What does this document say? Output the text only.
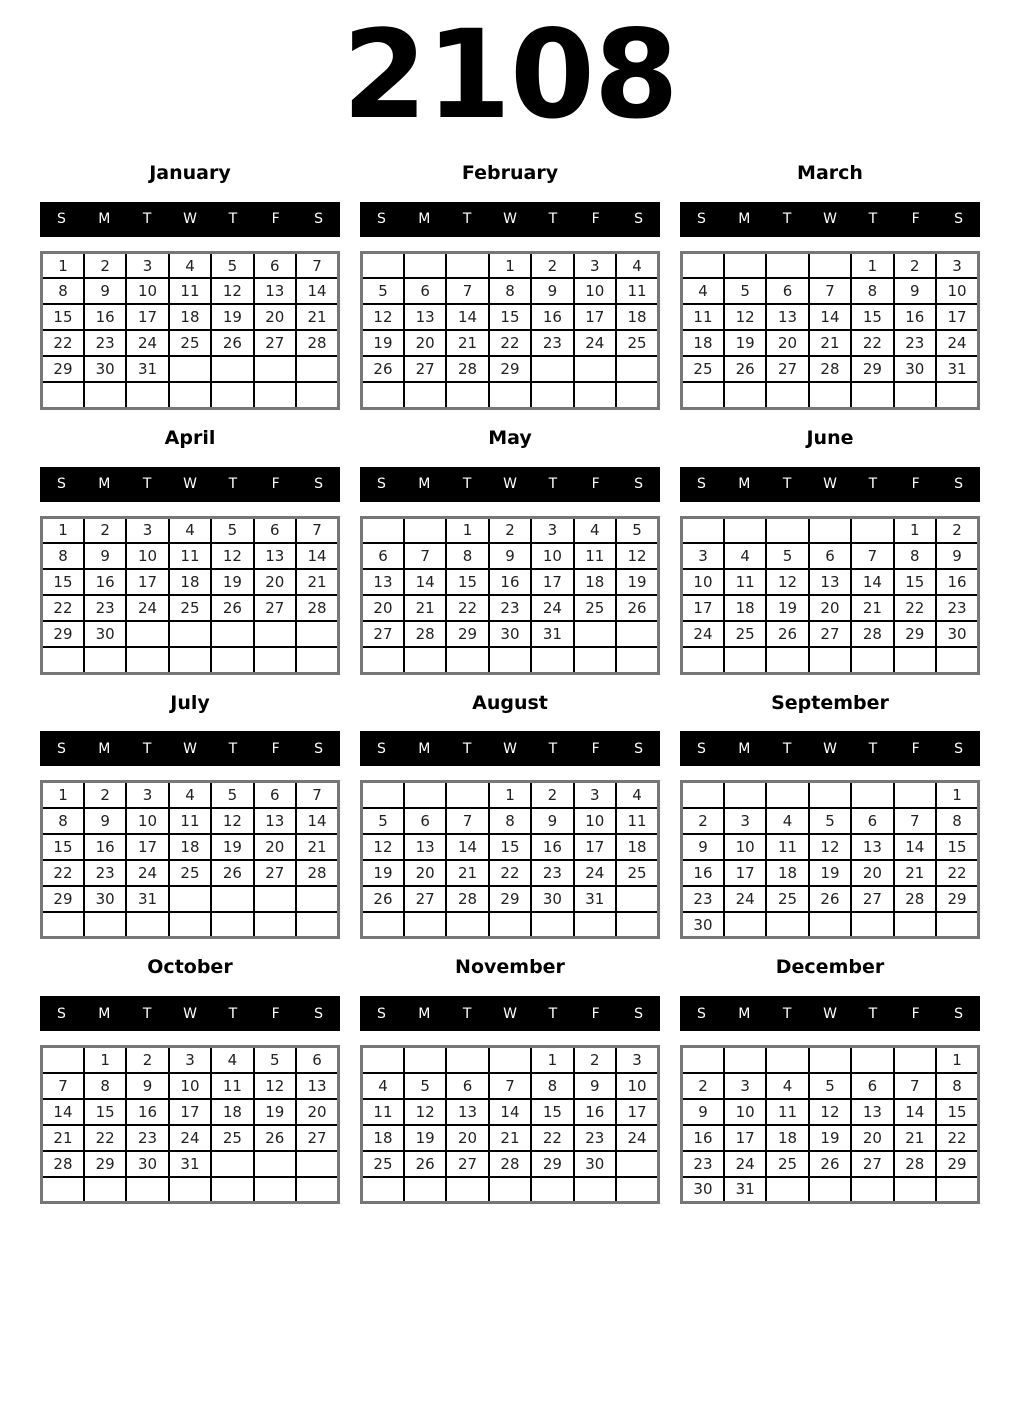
2108
January
S	M	T	W	T	F	S
1	2	3	4	5	6	7
8	9	10	11	12	13	14
15	16	17	18	19	20	21
22	23	24	25	26	27	28
29	30	31				

February
S	M	T	W	T	F	S
			1	2	3	4
5	6	7	8	9	10	11
12	13	14	15	16	17	18
19	20	21	22	23	24	25
26	27	28	29			

March
S	M	T	W	T	F	S
				1	2	3
4	5	6	7	8	9	10
11	12	13	14	15	16	17
18	19	20	21	22	23	24
25	26	27	28	29	30	31

April
S	M	T	W	T	F	S
1	2	3	4	5	6	7
8	9	10	11	12	13	14
15	16	17	18	19	20	21
22	23	24	25	26	27	28
29	30					

May
S	M	T	W	T	F	S
		1	2	3	4	5
6	7	8	9	10	11	12
13	14	15	16	17	18	19
20	21	22	23	24	25	26
27	28	29	30	31		

June
S	M	T	W	T	F	S
					1	2
3	4	5	6	7	8	9
10	11	12	13	14	15	16
17	18	19	20	21	22	23
24	25	26	27	28	29	30

July
S	M	T	W	T	F	S
1	2	3	4	5	6	7
8	9	10	11	12	13	14
15	16	17	18	19	20	21
22	23	24	25	26	27	28
29	30	31				

August
S	M	T	W	T	F	S
			1	2	3	4
5	6	7	8	9	10	11
12	13	14	15	16	17	18
19	20	21	22	23	24	25
26	27	28	29	30	31	

September
S	M	T	W	T	F	S
						1
2	3	4	5	6	7	8
9	10	11	12	13	14	15
16	17	18	19	20	21	22
23	24	25	26	27	28	29
30						
October
S	M	T	W	T	F	S
	1	2	3	4	5	6
7	8	9	10	11	12	13
14	15	16	17	18	19	20
21	22	23	24	25	26	27
28	29	30	31			

November
S	M	T	W	T	F	S
				1	2	3
4	5	6	7	8	9	10
11	12	13	14	15	16	17
18	19	20	21	22	23	24
25	26	27	28	29	30	

December
S	M	T	W	T	F	S
						1
2	3	4	5	6	7	8
9	10	11	12	13	14	15
16	17	18	19	20	21	22
23	24	25	26	27	28	29
30	31					
